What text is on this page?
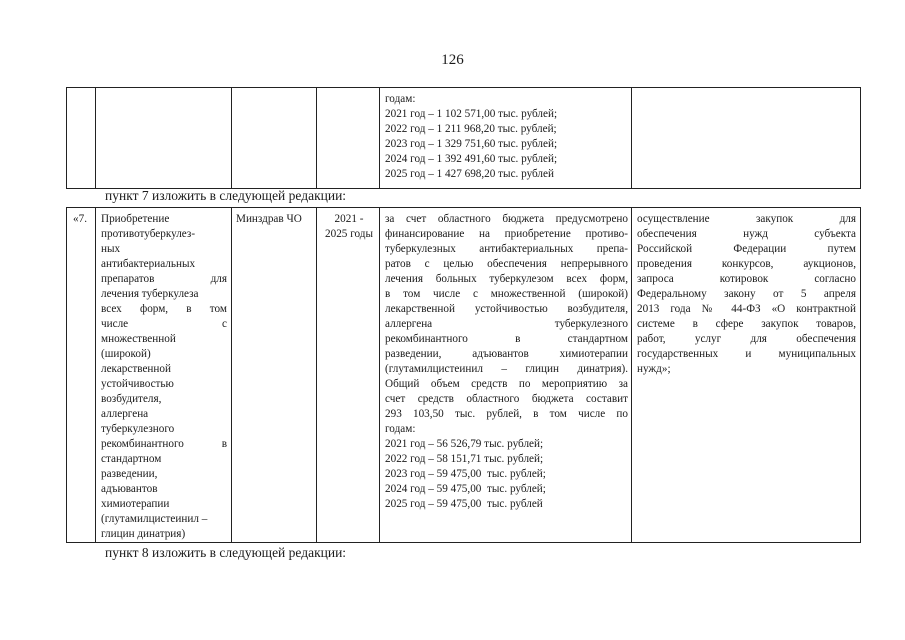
126
годам:
2021 год – 1 102 571,00 тыс. рублей;
2022 год – 1 211 968,20 тыс. рублей;
2023 год – 1 329 751,60 тыс. рублей;
2024 год – 1 392 491,60 тыс. рублей;
2025 год – 1 427 698,20 тыс. рублей
пункт 7 изложить в следующей редакции:
«7. Приобретение
противотуберкулез-
ных
антибактериальных
препаратов для
лечения туберкулеза
всех форм, в том
числе с
множественной
(широкой)
лекарственной
устойчивостью
возбудителя,
аллергена
туберкулезного
рекомбинантного в
стандартном
разведении,
адъювантов
химиотерапии
(глутамилцистеинил –
глицин динатрия)
Минздрав ЧО	2021 -
2025 годы
за счет областного бюджета предусмотрено
финансирование на приобретение противо-
туберкулезных антибактериальных препа-
ратов с целью обеспечения непрерывного
лечения больных туберкулезом всех форм,
в том числе с множественной (широкой)
лекарственной устойчивостью возбудителя,
аллергена туберкулезного
рекомбинантного в стандартном
разведении, адъювантов химиотерапии
(глутамилцистеинил – глицин динатрия).
Общий объем средств по мероприятию за
счет средств областного бюджета составит
293 103,50 тыс. рублей, в том числе по
годам:
2021 год – 56 526,79 тыс. рублей;
2022 год – 58 151,71 тыс. рублей;
2023 год – 59 475,00  тыс. рублей;
2024 год – 59 475,00  тыс. рублей;
2025 год – 59 475,00  тыс. рублей
осуществление закупок для
обеспечения нужд субъекта
Российской Федерации путем
проведения конкурсов, аукционов,
запроса котировок согласно
Федеральному закону от 5 апреля
2013 года № 44-ФЗ «О контрактной
системе в сфере закупок товаров,
работ, услуг для обеспечения
государственных и муниципальных
нужд»;
пункт 8 изложить в следующей редакции:
